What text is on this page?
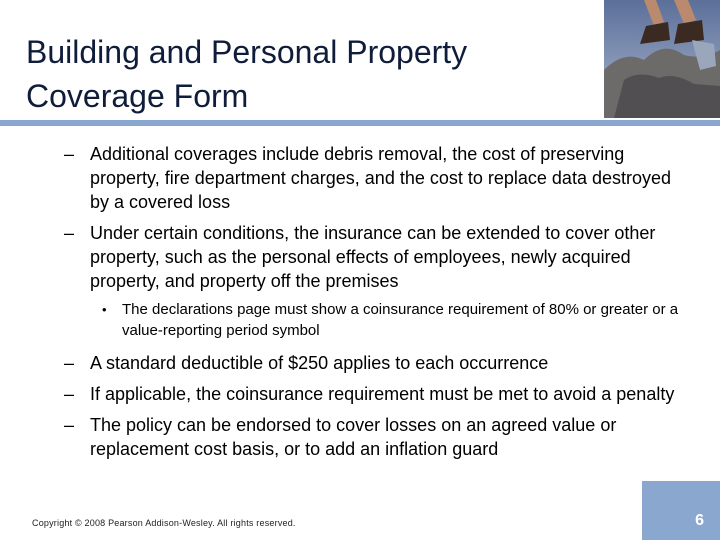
Building and Personal Property
Coverage Form
– Additional coverages include debris removal, the cost of preserving property, fire department charges, and the cost to replace data destroyed by a covered loss
– Under certain conditions, the insurance can be extended to cover other property, such as the personal effects of employees, newly acquired property, and property off the premises
• The declarations page must show a coinsurance requirement of 80% or greater or a value-reporting period symbol
– A standard deductible of $250 applies to each occurrence
– If applicable, the coinsurance requirement must be met to avoid a penalty
– The policy can be endorsed to cover losses on an agreed value or replacement cost basis, or to add an inflation guard
Copyright © 2008 Pearson Addison-Wesley. All rights reserved.	6
